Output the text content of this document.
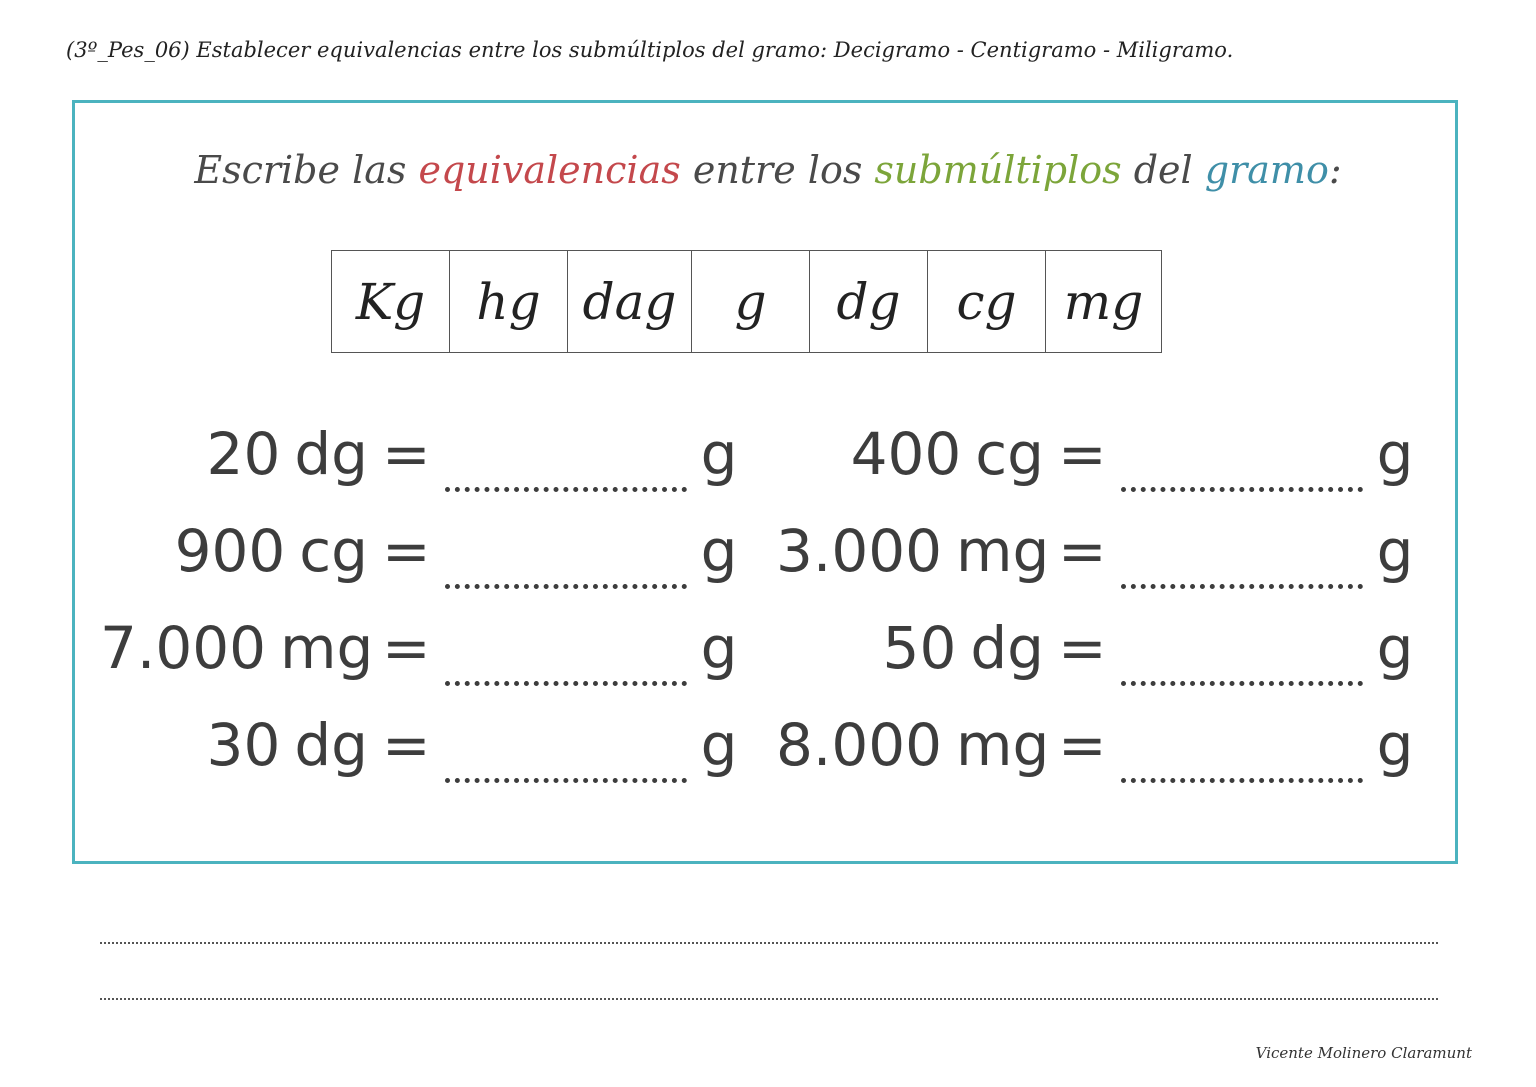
(3º_Pes_06) Establecer equivalencias entre los submúltiplos del gramo: Decigramo - Centigramo - Miligramo.
Escribe las equivalencias entre los submúltiplos del gramo:
Kg	hg	dag	g	dg	cg	mg
20 dg =	g
900 cg =	g
7.000 mg =	g
30 dg =	g
400 cg =	g
3.000 mg =	g
50 dg =	g
8.000 mg =	g
Vicente Molinero Claramunt
